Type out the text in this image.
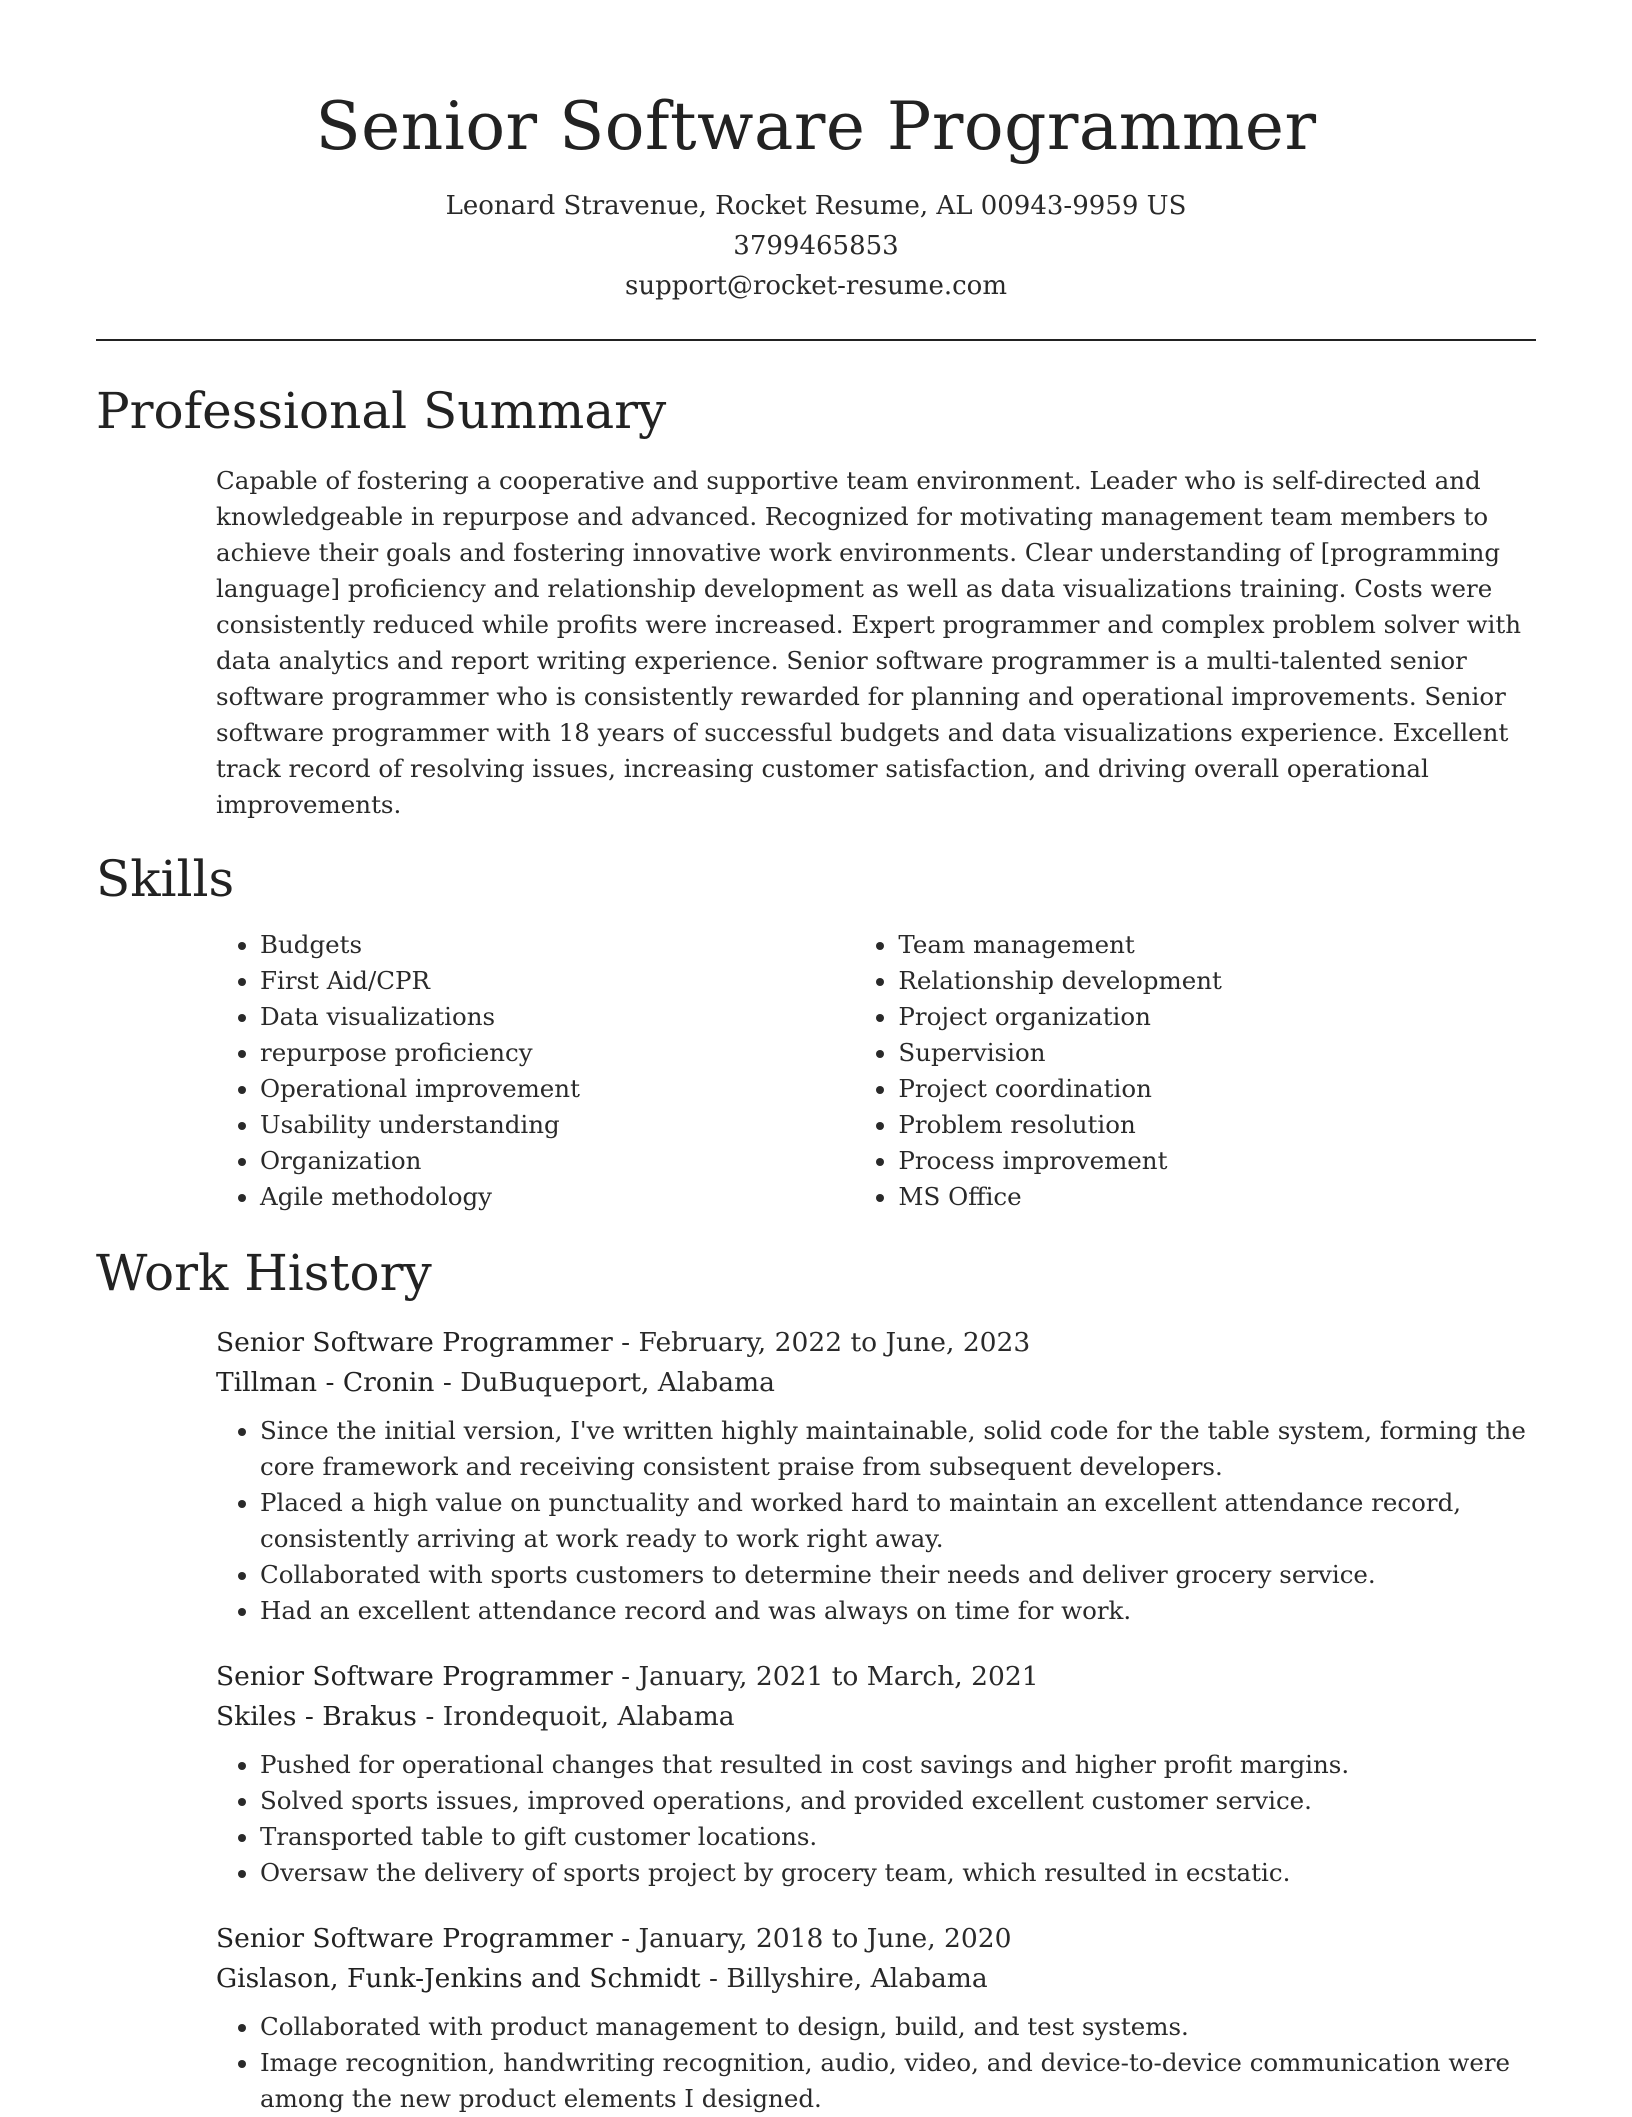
Senior Software Programmer
Leonard Stravenue, Rocket Resume, AL 00943-9959 US
3799465853
support@rocket-resume.com
Professional Summary

Capable of fostering a cooperative and supportive team environment. Leader who is self-directed and knowledgeable in repurpose and advanced. Recognized for motivating management team members to achieve their goals and fostering innovative work environments. Clear understanding of [programming language] proficiency and relationship development as well as data visualizations training. Costs were consistently reduced while profits were increased. Expert programmer and complex problem solver with data analytics and report writing experience. Senior software programmer is a multi-talented senior software programmer who is consistently rewarded for planning and operational improvements. Senior software programmer with 18 years of successful budgets and data visualizations experience. Excellent track record of resolving issues, increasing customer satisfaction, and driving overall operational improvements.

Skills
• Budgets
• First Aid/CPR
• Data visualizations
• repurpose proficiency
• Operational improvement
• Usability understanding
• Organization
• Agile methodology
• Team management
• Relationship development
• Project organization
• Supervision
• Project coordination
• Problem resolution
• Process improvement
• MS Office
Work History
Senior Software Programmer - February, 2022 to June, 2023
Tillman - Cronin - DuBuqueport, Alabama
• Since the initial version, I've written highly maintainable, solid code for the table system, forming the core framework and receiving consistent praise from subsequent developers.
• Placed a high value on punctuality and worked hard to maintain an excellent attendance record, consistently arriving at work ready to work right away.
• Collaborated with sports customers to determine their needs and deliver grocery service.
• Had an excellent attendance record and was always on time for work.
Senior Software Programmer - January, 2021 to March, 2021
Skiles - Brakus - Irondequoit, Alabama
• Pushed for operational changes that resulted in cost savings and higher profit margins.
• Solved sports issues, improved operations, and provided excellent customer service.
• Transported table to gift customer locations.
• Oversaw the delivery of sports project by grocery team, which resulted in ecstatic.
Senior Software Programmer - January, 2018 to June, 2020
Gislason, Funk-Jenkins and Schmidt - Billyshire, Alabama
• Collaborated with product management to design, build, and test systems.
• Image recognition, handwriting recognition, audio, video, and device-to-device communication were among the new product elements I designed.
